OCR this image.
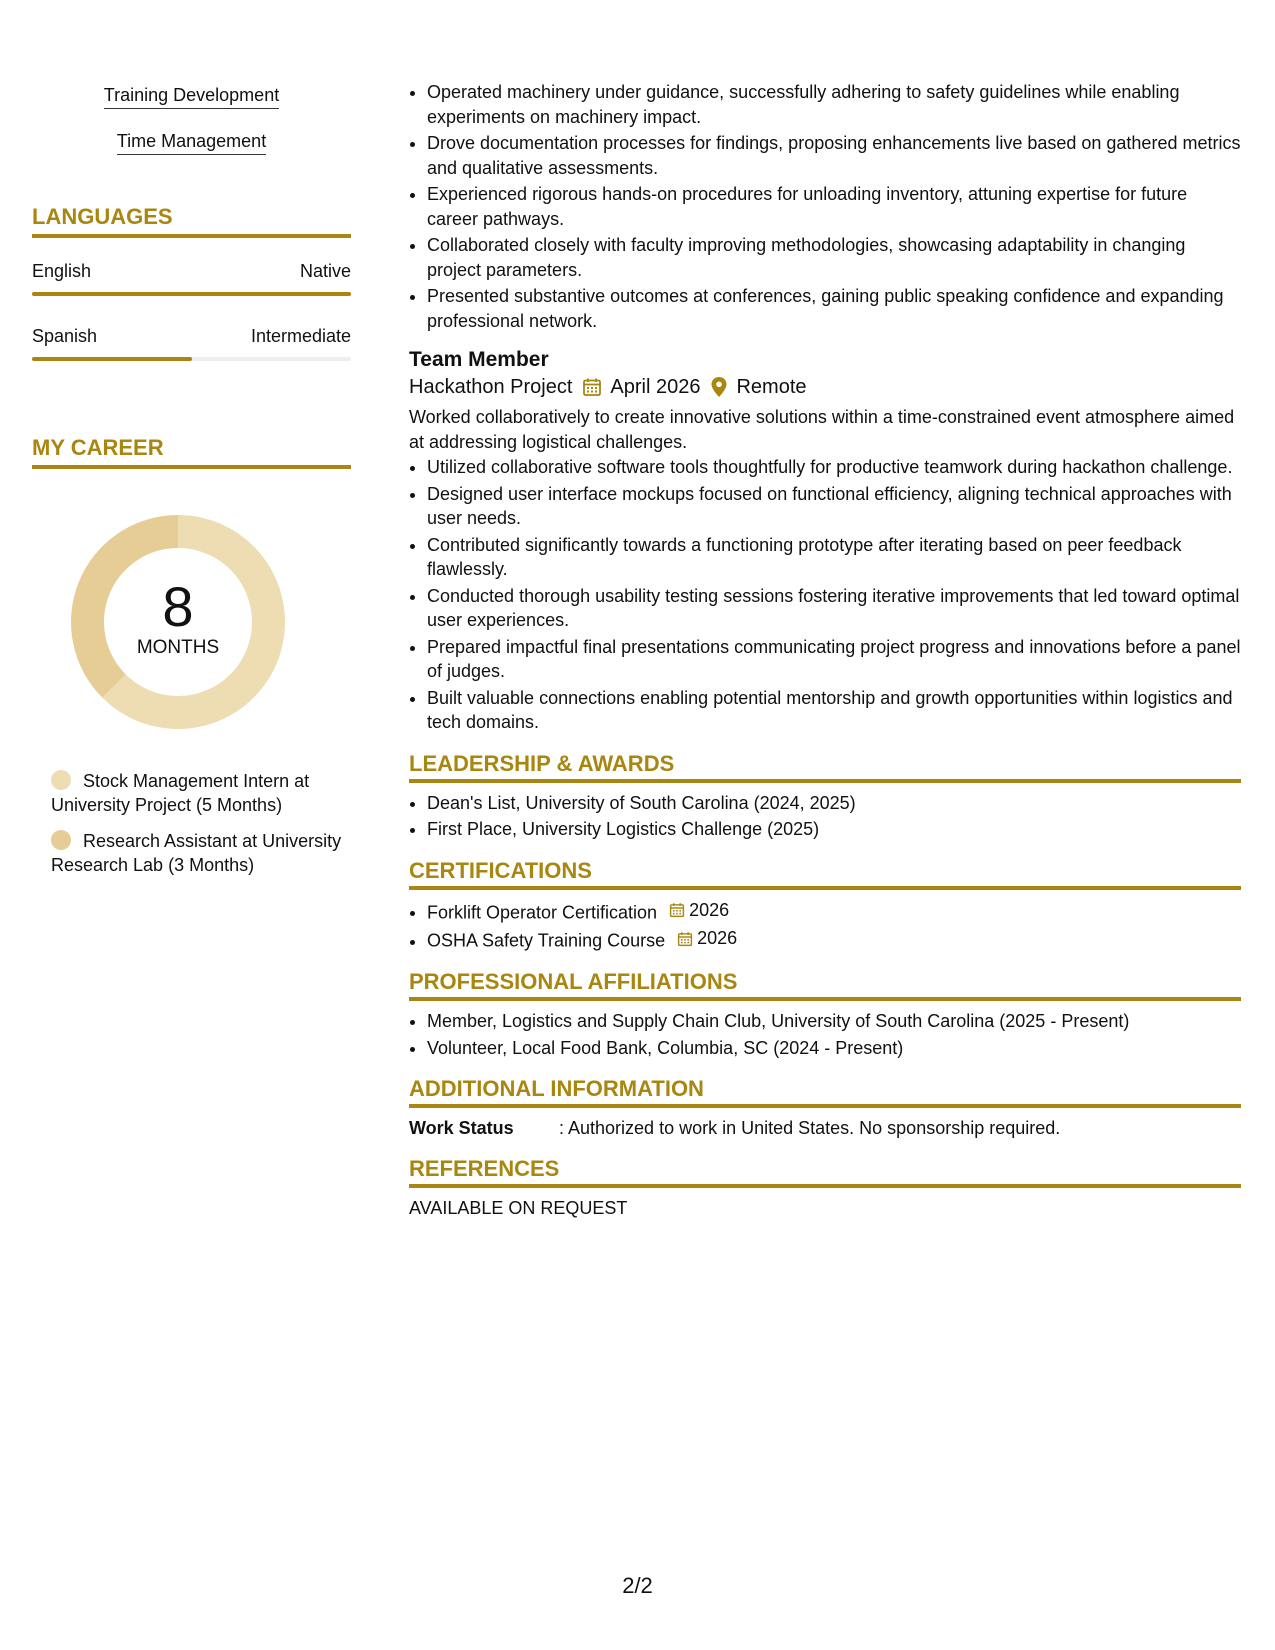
Training Development
Time Management
LANGUAGES
English	Native
Spanish	Intermediate
MY CAREER
8
MONTHS
Stock Management Intern at University Project (5 Months)
Research Assistant at University Research Lab (3 Months)
• Operated machinery under guidance, successfully adhering to safety guidelines while enabling experiments on machinery impact.
• Drove documentation processes for findings, proposing enhancements live based on gathered metrics and qualitative assessments.
• Experienced rigorous hands-on procedures for unloading inventory, attuning expertise for future career pathways.
• Collaborated closely with faculty improving methodologies, showcasing adaptability in changing project parameters.
• Presented substantive outcomes at conferences, gaining public speaking confidence and expanding professional network.
Team Member
Hackathon Project April 2026 Remote

Worked collaboratively to create innovative solutions within a time-constrained event atmosphere aimed at addressing logistical challenges.

• Utilized collaborative software tools thoughtfully for productive teamwork during hackathon challenge.
• Designed user interface mockups focused on functional efficiency, aligning technical approaches with user needs.
• Contributed significantly towards a functioning prototype after iterating based on peer feedback flawlessly.
• Conducted thorough usability testing sessions fostering iterative improvements that led toward optimal user experiences.
• Prepared impactful final presentations communicating project progress and innovations before a panel of judges.
• Built valuable connections enabling potential mentorship and growth opportunities within logistics and tech domains.
LEADERSHIP & AWARDS
• Dean's List, University of South Carolina (2024, 2025)
• First Place, University Logistics Challenge (2025)
CERTIFICATIONS
• Forklift Operator Certification 2026
• OSHA Safety Training Course 2026
PROFESSIONAL AFFILIATIONS
• Member, Logistics and Supply Chain Club, University of South Carolina (2025 - Present)
• Volunteer, Local Food Bank, Columbia, SC (2024 - Present)
ADDITIONAL INFORMATION
Work Status	: Authorized to work in United States. No sponsorship required.
REFERENCES
AVAILABLE ON REQUEST
2/2
